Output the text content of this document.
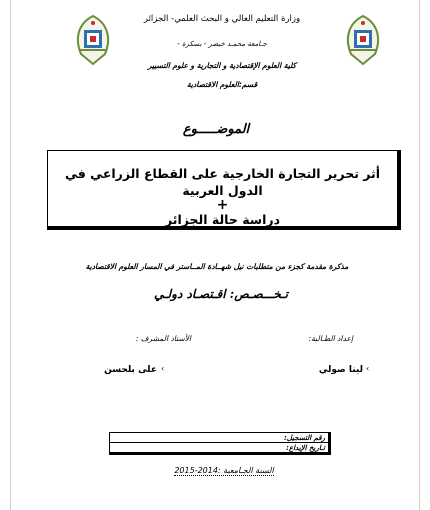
وزارة التعليم العالي و البحث العلمي- الجزائر
جـامعة محمـد خيضر - بسكرة -
كلية العلوم الإقتصادية و التجارية و علوم التسيير
قسم:العلوم الاقتصادية
الموضـــــوع
أثر تحرير التجارة الخارجية على القطاع الزراعي في الدول العربية
+
دراسة حالة الجزائر
مذكرة مقدمة كجزء من متطلبات نيل شهــادة المــاستر في المسار العلوم الاقتصادية
تـخـــصـص: اقـتصـاد دولـي
إعداد الطـالبة:
الأستاذ المشرف :
‹
لينا صولي
‹
على بلحسن
رقم التسجيل:
تـاريخ الإيداع:
السنة الجـامعية :2014-2015
